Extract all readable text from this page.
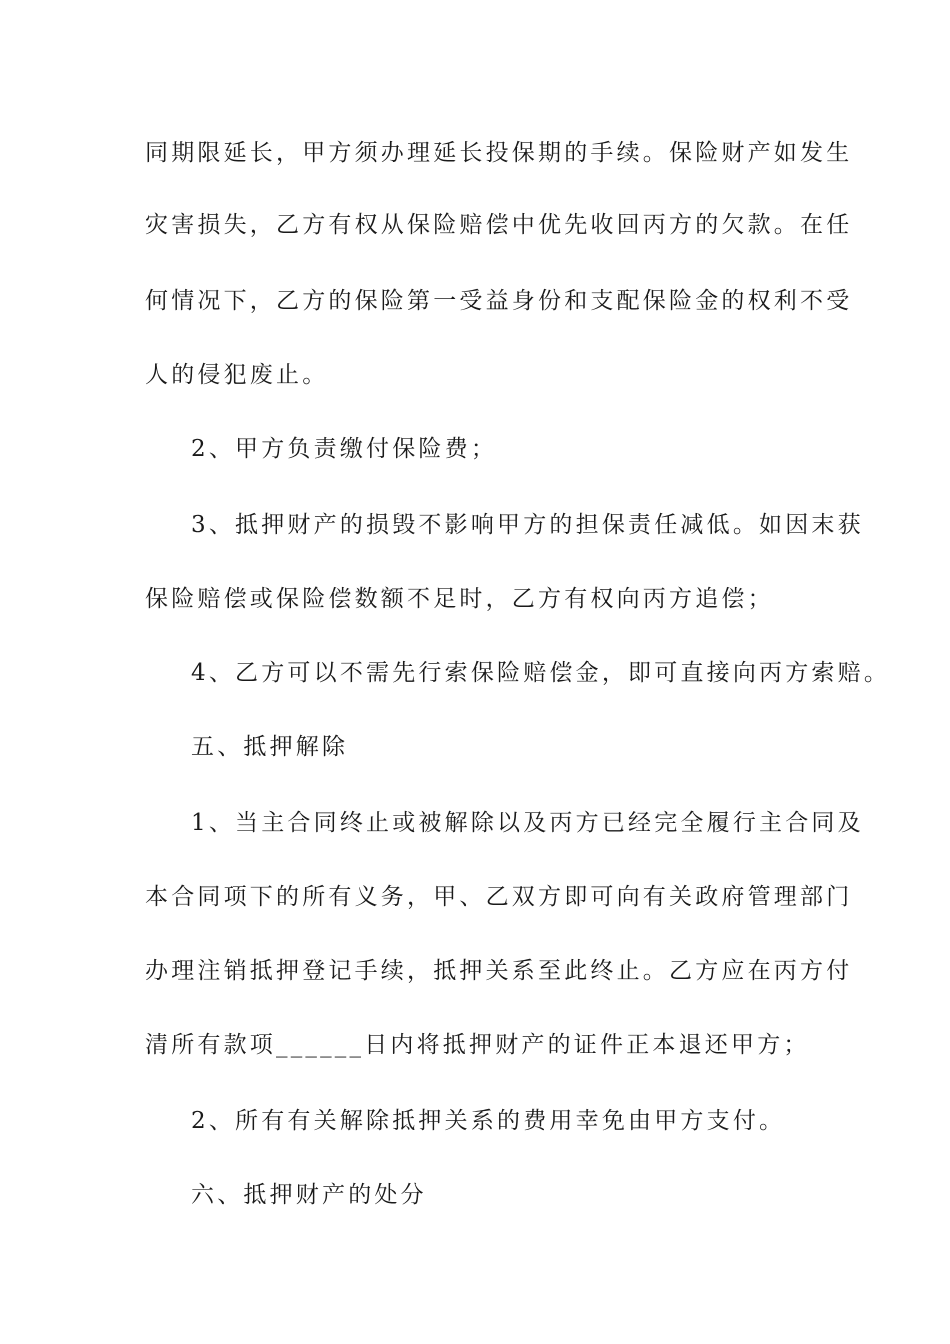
同期限延长，甲方须办理延长投保期的手续。保险财产如发生
灾害损失，乙方有权从保险赔偿中优先收回丙方的欠款。在任
何情况下，乙方的保险第一受益身份和支配保险金的权利不受
人的侵犯废止。
2、甲方负责缴付保险费；
3、抵押财产的损毁不影响甲方的担保责任减低。如因末获
保险赔偿或保险偿数额不足时，乙方有权向丙方追偿；
4、乙方可以不需先行索保险赔偿金，即可直接向丙方索赔。
五、抵押解除
1、当主合同终止或被解除以及丙方已经完全履行主合同及
本合同项下的所有义务，甲、乙双方即可向有关政府管理部门
办理注销抵押登记手续，抵押关系至此终止。乙方应在丙方付
清所有款项______日内将抵押财产的证件正本退还甲方；
2、所有有关解除抵押关系的费用幸免由甲方支付。
六、抵押财产的处分
